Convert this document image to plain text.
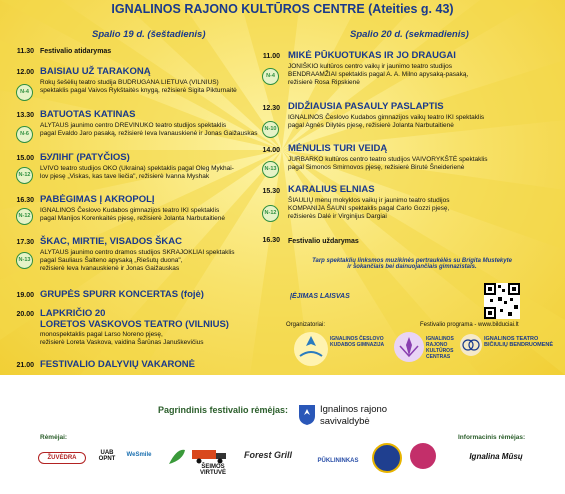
IGNALINOS RAJONO KULTŪROS CENTRE (Ateities g. 43)
Spalio 19 d. (šeštadienis)	Spalio 20 d. (sekmadienis)
11.30 Festivalio atidarymas
12.00 BAISIAU UŽ TARAKONĄ
N-4
Rokų šešėlių teatro studija BUDRUGANA LIETUVA (VILNIUS)
spektaklis pagal Vaivos Rykštaitės knygą, režisierė Sigita Pikturnaitė
13.30 BATUOTAS KATINAS
N-6
ALYTAUS jaunimo centro DREVINUKO teatro studijos spektaklis
pagal Evaldo Jaro pasaką, režisierė Ieva Ivanauskienė ir Jonas Gaižauskas
15.00 БУЛІНГ (PATYČIOS)
N-12
LVIVO teatro studijos OKO (Ukraina) spektaklis pagal Oleg Mykhai-
lov pjesę „Viskas, kas tave liečia", režisierė Ivanna Myshak
16.30 PABĖGIMAS Į AKROPOLĮ
N-12
IGNALINOS Česlovo Kudabos gimnazijos teatro IKI spektaklis
pagal Manijos Korenkaitės pjesę, režisierė Jolanta Narbutaitienė
17.30 ŠKAC, MIRTIE, VISADOS ŠKAC
N-13
ALYTAUS jaunimo centro dramos studijos SKRAJOKLIAI spektaklis
pagal Sauliaus Šalteno apysaką „Riešutų duona",
režisierė Ieva Ivanauskienė ir Jonas Gaižauskas
19.00 GRUPĖS SPURR KONCERTAS (fojė)
20.00 LAPKRIČIO 20
LORETOS VASKOVOS TEATRO (VILNIUS)
monospektaklis pagal Larso Noreno pjesę,
režisierė Loreta Vaskova, vaidina Šarūnas Januškevičius
21.00 FESTIVALIO DALYVIŲ VAKARONĖ
11.00 MIKĖ PŪKUOTUKAS IR JO DRAUGAI
N-4
JONIŠKIO kultūros centro vaikų ir jaunimo teatro studijos
BENDRAAMŽIAI spektaklis pagal A. A. Milno apysaką-pasaką,
režisierė Rosa Ripskienė
12.30 DIDŽIAUSIA PASAULY PASLAPTIS
N-10
IGNALINOS Česlovo Kudabos gimnazijos vaikų teatro IKI spektaklis
pagal Agnės Dilytės pjesę, režisierė Jolanta Narbutaitienė
14.00 MĖNULIS TURI VEIDĄ
N-13
JURBARKO kultūros centro teatro studijos VAIVORYKŠTĖ spektaklis
pagal Simonos Smirnovos pjesę, režisierė Birutė Šneiderienė
15.30 KARALIUS ELNIAS
N-12
ŠIAULIŲ menų mokyklos vaikų ir jaunimo teatro studijos
KOMPANIJA ŠAUNI spektaklis pagal Carlo Gozzi pjesę,
režisierės Dalė ir Virginijus Dargiai
16.30 Festivalio uždarymas
Tarp spektaklių linksmos muzikinės pertraukėlės su Brigita Mustekyte
ir šokančiais bei dainuojančiais gimnazistais.
ĮĖJIMAS LAISVAS
Organizatoriai:	Festivalio programa - www.bilduciai.lt
IGNALINOS ČESLOVO KUDABOS GIMNAZIJA
IGNALINOS RAJONO KULTŪROS CENTRAS
IGNALINOS TEATRO BIČIULIŲ BENDRUOMENĖ
Pagrindinis festivalio rėmėjas:	Ignalinos rajono
savivaldybė
Rėmėjai:	Informacinis rėmėjas:
ŽUVĖDRA
UAB OPNT
WeSmile
ŠEIMOS VIRTUVĖ
Forest Grill
PŪKLININKAS	Ignalina Mūsų
